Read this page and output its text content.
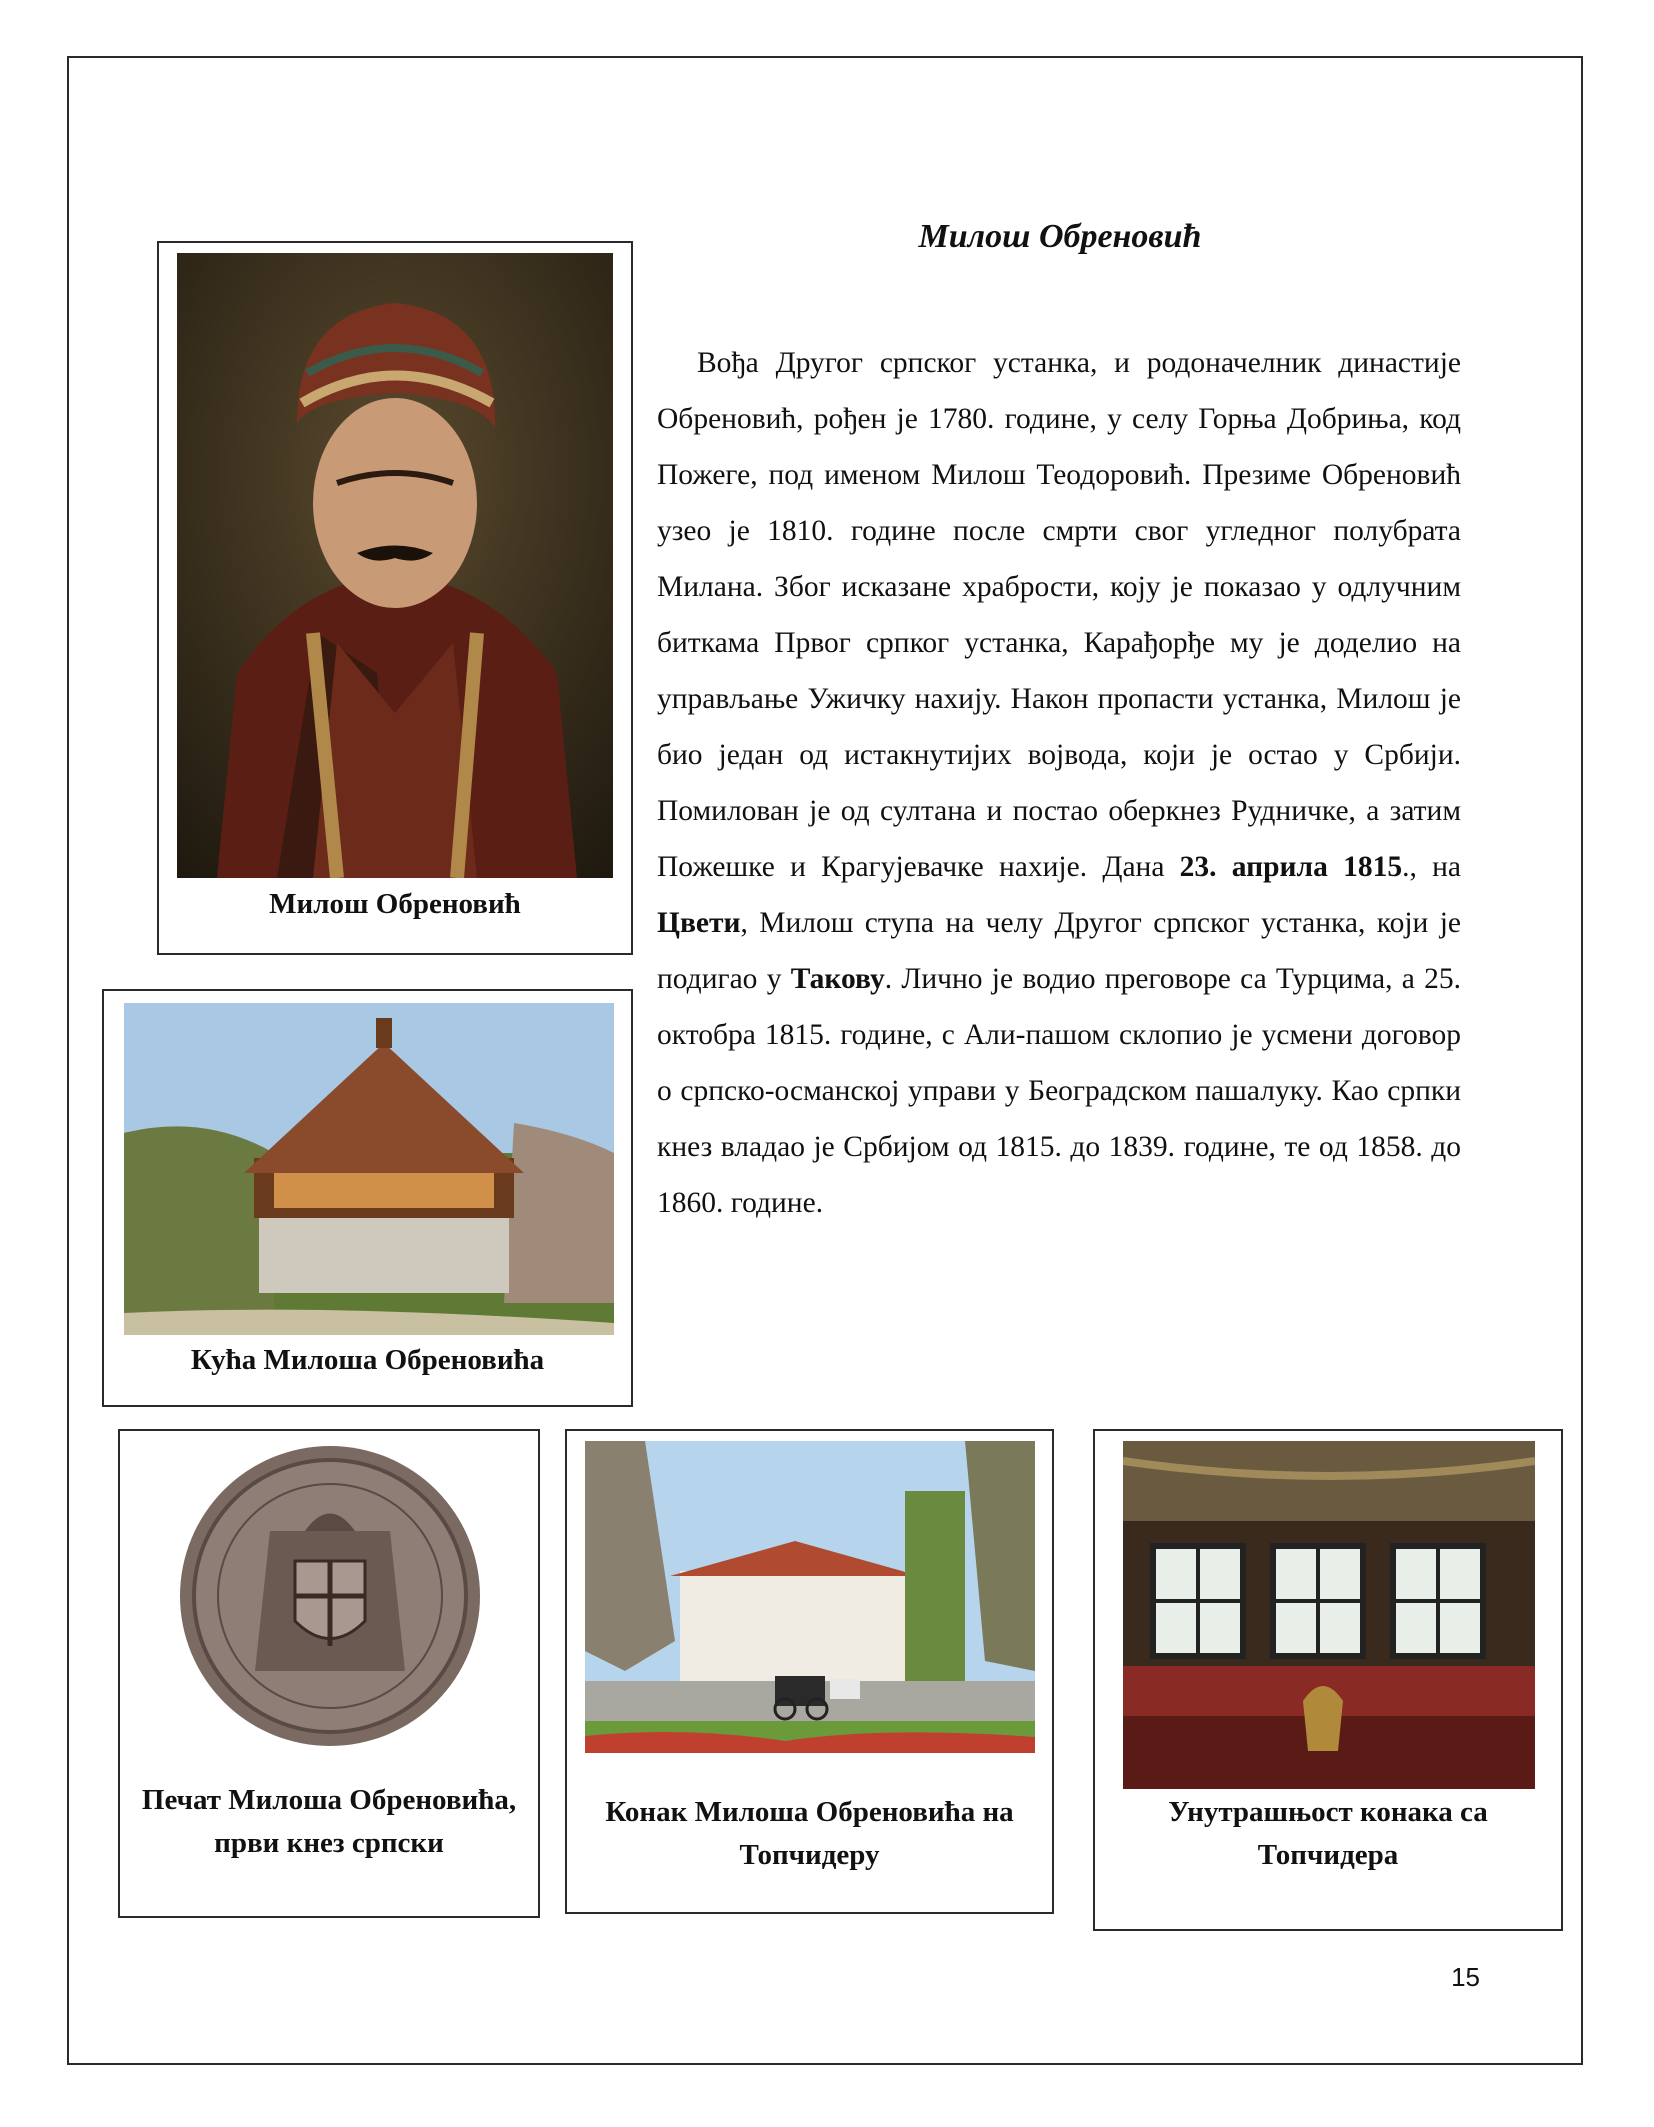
Милош Обреновић
Кућа Милоша Обреновића
Милош Обреновић
Вођа Другог српског устанка, и родоначелник династије Обреновић, рођен је 1780. године, у селу Горња Добриња, код Пожеге, под именом Милош Теодоровић. Презиме Обреновић узео је 1810. године после смрти свог угледног полубрата Милана. Због исказане храбрости, коју је показао у одлучним биткама Првог српког устанка, Карађорђе му је доделио на управљање Ужичку нахију. Након пропасти устанка, Милош је био један од истакнутијих војвода, који је остао у Србији. Помилован је од султана и постао оберкнез Рудничке, а затим Пожешке и Крагујевачке нахије. Дана 23. априла 1815., на Цвети, Милош ступа на челу Другог српског устанка, који је подигао у Такову. Лично је водио преговоре са Турцима, а 25. октобра 1815. године, с Али-пашом склопио је усмени договор о српско-османској управи у Београдском пашалуку. Као српки кнез владао је Србијом од 1815. до 1839. године, те од 1858. до 1860. године.
Печат Милоша Обреновића, први кнез српски
Конак Милоша Обреновића на Топчидеру
Унутрашњост конака са Топчидера
15
